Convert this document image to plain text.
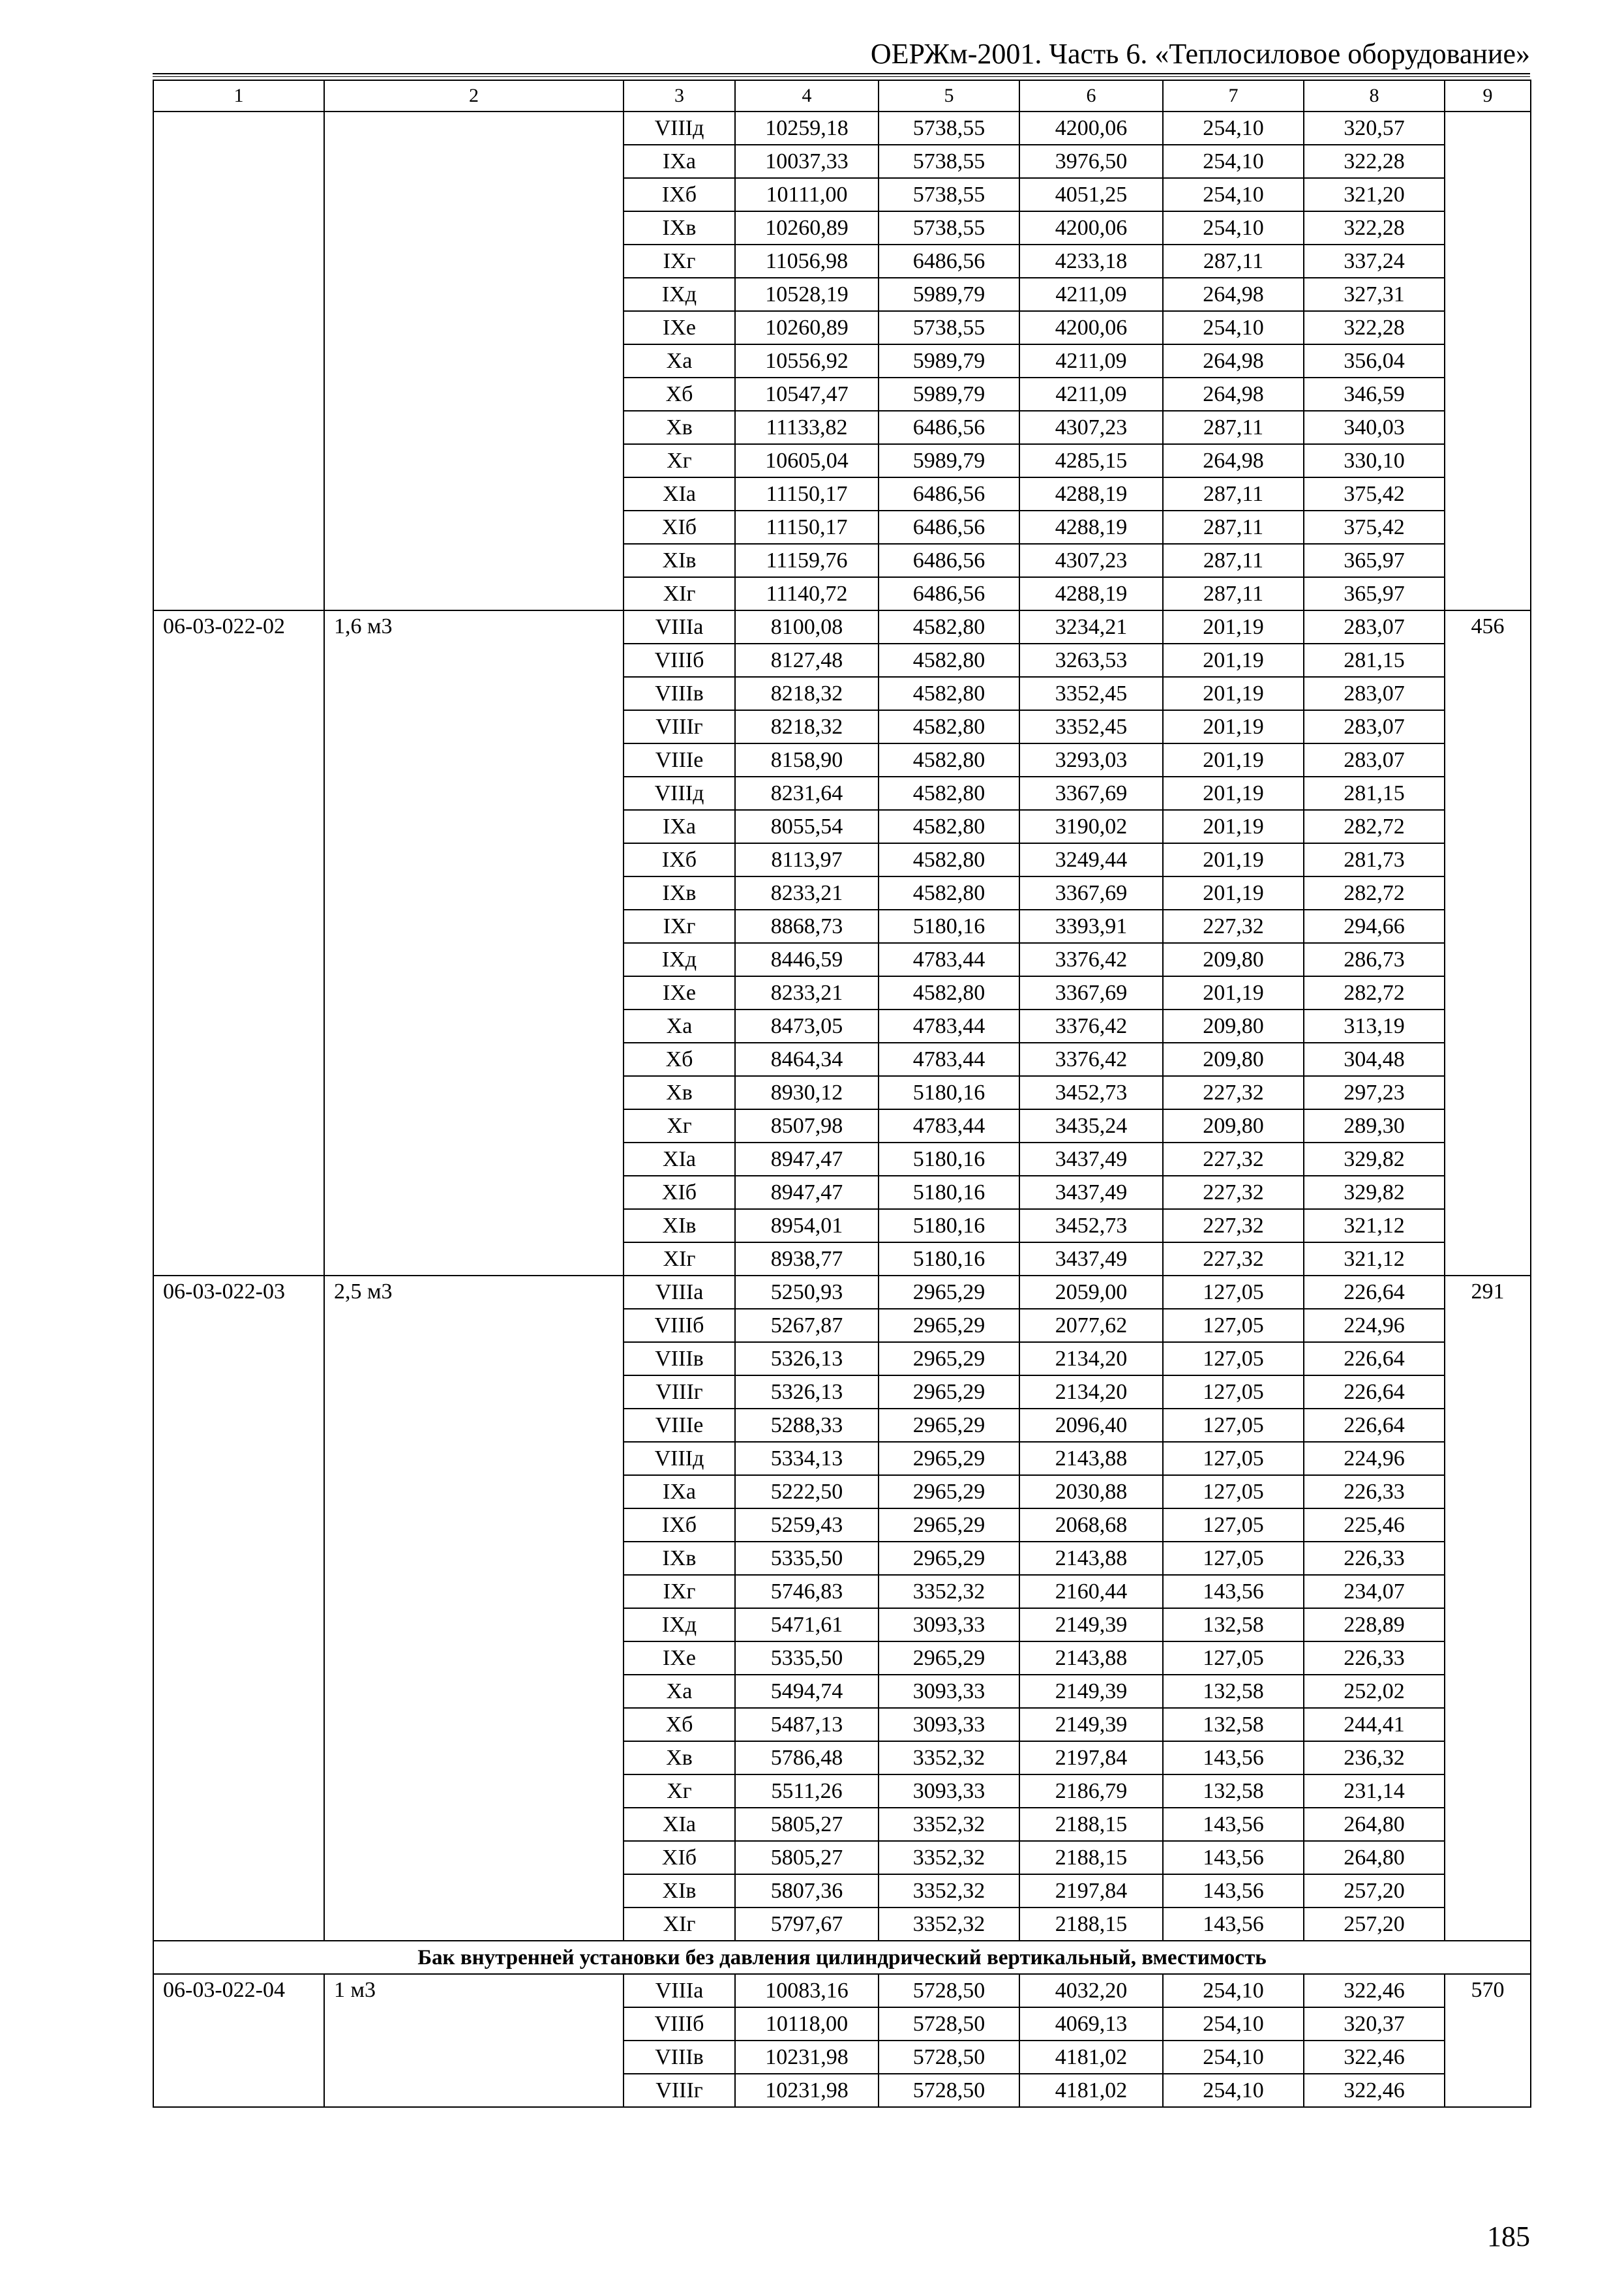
ОЕРЖм-2001. Часть 6. «Теплосиловое оборудование»
1	2	3	4	5	6	7	8	9
		VIIIд	10259,18	5738,55	4200,06	254,10	320,57	
		IXа	10037,33	5738,55	3976,50	254,10	322,28	
		IXб	10111,00	5738,55	4051,25	254,10	321,20	
		IXв	10260,89	5738,55	4200,06	254,10	322,28	
		IXг	11056,98	6486,56	4233,18	287,11	337,24	
		IXд	10528,19	5989,79	4211,09	264,98	327,31	
		IXе	10260,89	5738,55	4200,06	254,10	322,28	
		Xа	10556,92	5989,79	4211,09	264,98	356,04	
		Xб	10547,47	5989,79	4211,09	264,98	346,59	
		Xв	11133,82	6486,56	4307,23	287,11	340,03	
		Xг	10605,04	5989,79	4285,15	264,98	330,10	
		XIа	11150,17	6486,56	4288,19	287,11	375,42	
		XIб	11150,17	6486,56	4288,19	287,11	375,42	
		XIв	11159,76	6486,56	4307,23	287,11	365,97	
		XIг	11140,72	6486,56	4288,19	287,11	365,97	
06-03-022-02	1,6 м3	VIIIа	8100,08	4582,80	3234,21	201,19	283,07	456
		VIIIб	8127,48	4582,80	3263,53	201,19	281,15	
		VIIIв	8218,32	4582,80	3352,45	201,19	283,07	
		VIIIг	8218,32	4582,80	3352,45	201,19	283,07	
		VIIIе	8158,90	4582,80	3293,03	201,19	283,07	
		VIIIд	8231,64	4582,80	3367,69	201,19	281,15	
		IXа	8055,54	4582,80	3190,02	201,19	282,72	
		IXб	8113,97	4582,80	3249,44	201,19	281,73	
		IXв	8233,21	4582,80	3367,69	201,19	282,72	
		IXг	8868,73	5180,16	3393,91	227,32	294,66	
		IXд	8446,59	4783,44	3376,42	209,80	286,73	
		IXе	8233,21	4582,80	3367,69	201,19	282,72	
		Xа	8473,05	4783,44	3376,42	209,80	313,19	
		Xб	8464,34	4783,44	3376,42	209,80	304,48	
		Xв	8930,12	5180,16	3452,73	227,32	297,23	
		Xг	8507,98	4783,44	3435,24	209,80	289,30	
		XIа	8947,47	5180,16	3437,49	227,32	329,82	
		XIб	8947,47	5180,16	3437,49	227,32	329,82	
		XIв	8954,01	5180,16	3452,73	227,32	321,12	
		XIг	8938,77	5180,16	3437,49	227,32	321,12	
06-03-022-03	2,5 м3	VIIIа	5250,93	2965,29	2059,00	127,05	226,64	291
		VIIIб	5267,87	2965,29	2077,62	127,05	224,96	
		VIIIв	5326,13	2965,29	2134,20	127,05	226,64	
		VIIIг	5326,13	2965,29	2134,20	127,05	226,64	
		VIIIе	5288,33	2965,29	2096,40	127,05	226,64	
		VIIIд	5334,13	2965,29	2143,88	127,05	224,96	
		IXа	5222,50	2965,29	2030,88	127,05	226,33	
		IXб	5259,43	2965,29	2068,68	127,05	225,46	
		IXв	5335,50	2965,29	2143,88	127,05	226,33	
		IXг	5746,83	3352,32	2160,44	143,56	234,07	
		IXд	5471,61	3093,33	2149,39	132,58	228,89	
		IXе	5335,50	2965,29	2143,88	127,05	226,33	
		Xа	5494,74	3093,33	2149,39	132,58	252,02	
		Xб	5487,13	3093,33	2149,39	132,58	244,41	
		Xв	5786,48	3352,32	2197,84	143,56	236,32	
		Xг	5511,26	3093,33	2186,79	132,58	231,14	
		XIа	5805,27	3352,32	2188,15	143,56	264,80	
		XIб	5805,27	3352,32	2188,15	143,56	264,80	
		XIв	5807,36	3352,32	2197,84	143,56	257,20	
		XIг	5797,67	3352,32	2188,15	143,56	257,20	
Бак внутренней установки без давления цилиндрический вертикальный, вместимость								
06-03-022-04	1 м3	VIIIа	10083,16	5728,50	4032,20	254,10	322,46	570
		VIIIб	10118,00	5728,50	4069,13	254,10	320,37	
		VIIIв	10231,98	5728,50	4181,02	254,10	322,46	
		VIIIг	10231,98	5728,50	4181,02	254,10	322,46	
185
